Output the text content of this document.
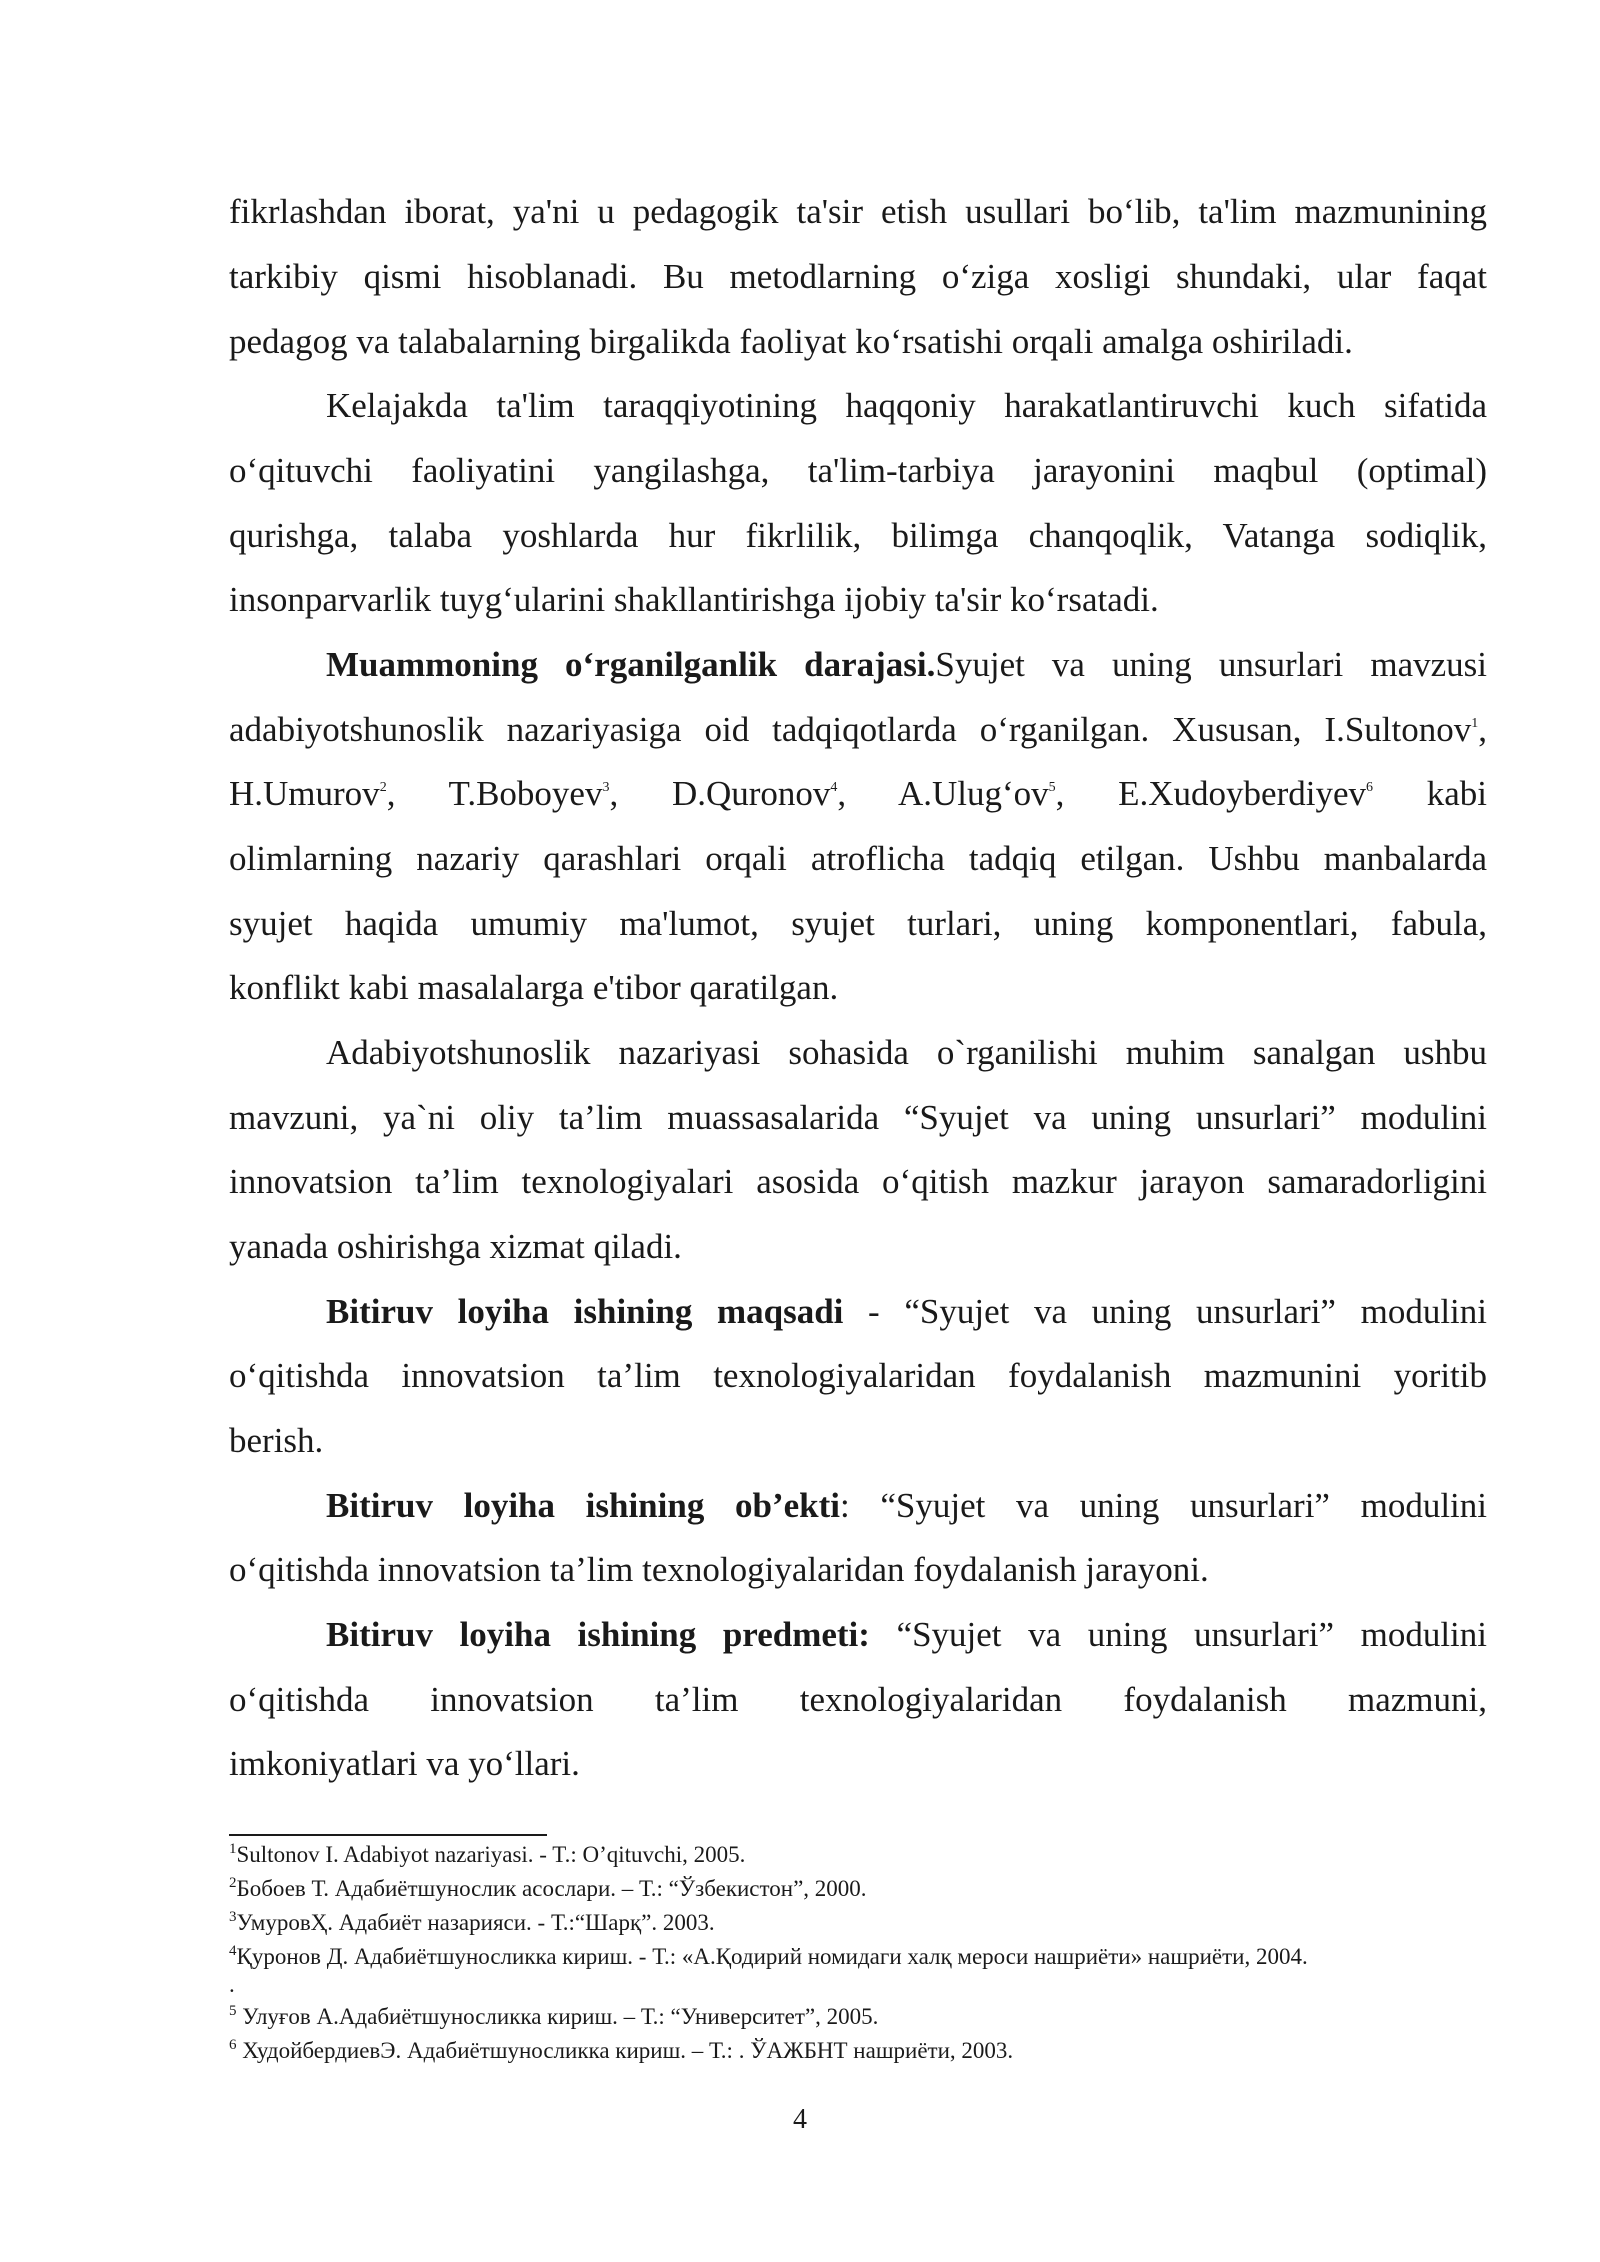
fikrlashdan iborat, ya'ni u pedagogik ta'sir etish usullari bo‘lib, ta'lim mazmunining

tarkibiy qismi hisoblanadi. Bu metodlarning o‘ziga xosligi shundaki, ular faqat

pedagog va talabalarning birgalikda faoliyat ko‘rsatishi orqali amalga oshiriladi.

Kelajakda ta'lim taraqqiyotining haqqoniy harakatlantiruvchi kuch sifatida

o‘qituvchi faoliyatini yangilashga, ta'lim-tarbiya jarayonini maqbul (optimal)

qurishga, talaba yoshlarda hur fikrlilik, bilimga chanqoqlik, Vatanga sodiqlik,

insonparvarlik tuyg‘ularini shakllantirishga ijobiy ta'sir ko‘rsatadi.

Muammoning o‘rganilganlik darajasi.Syujet va uning unsurlari mavzusi

adabiyotshunoslik nazariyasiga oid tadqiqotlarda o‘rganilgan. Xususan, I.Sultonov$^1$,

H.Umurov$^2$, T.Boboyev$^3$, D.Quronov$^4$, $A.Ulug‘ov^5$, E.Xudoyberdiyev$^6$ kabi

olimlarning nazariy qarashlari orqali atroflicha tadqiq etilgan. Ushbu manbalarda

syujet haqida umumiy ma'lumot, syujet turlari, uning komponentlari, fabula,

konflikt kabi masalalarga e'tibor qaratilgan.

Adabiyotshunoslik nazariyasi sohasida o`rganilishi muhim sanalgan ushbu

mavzuni, ya`ni oliy ta’lim muassasalarida “Syujet va uning unsurlari” modulini

innovatsion ta’lim texnologiyalari asosida o‘qitish mazkur jarayon samaradorligini

yanada oshirishga xizmat qiladi.

Bitiruv loyiha ishining maqsadi - “Syujet va uning unsurlari” modulini

o‘qitishda innovatsion ta’lim texnologiyalaridan foydalanish mazmunini yoritib

berish.

Bitiruv loyiha ishining ob’ekti: “Syujet va uning unsurlari” modulini

o‘qitishda innovatsion ta’lim texnologiyalaridan foydalanish jarayoni.

Bitiruv loyiha ishining predmeti: “Syujet va uning unsurlari” modulini

o‘qitishda innovatsion ta’lim texnologiyalaridan foydalanish mazmuni,

imkoniyatlari va yo‘llari.

$^1$Sultonov I. Adabiyot nazariyasi. - T.: O’qituvchi, 2005.

$^2$Бобоев Т. Адабиётшунослик асослари. – Т.: “Ўзбекистон”, 2000.

$^3$УмуровҲ. Адабиёт назарияси. - Т.:“Шарқ”. 2003.

$^4$Қуронов Д. Адабиётшуносликка кириш. - Т.: «А.Қодирий номидаги халқ мероси нашриёти» нашриёти, 2004.

.

$^5$ Улуғов А.Адабиётшуносликка кириш. – Т.: “Университет”, 2005.

$^6$ ХудойбердиевЭ. Адабиётшуносликка кириш. – Т.: . ЎАЖБНТ нашриёти, 2003.

4
